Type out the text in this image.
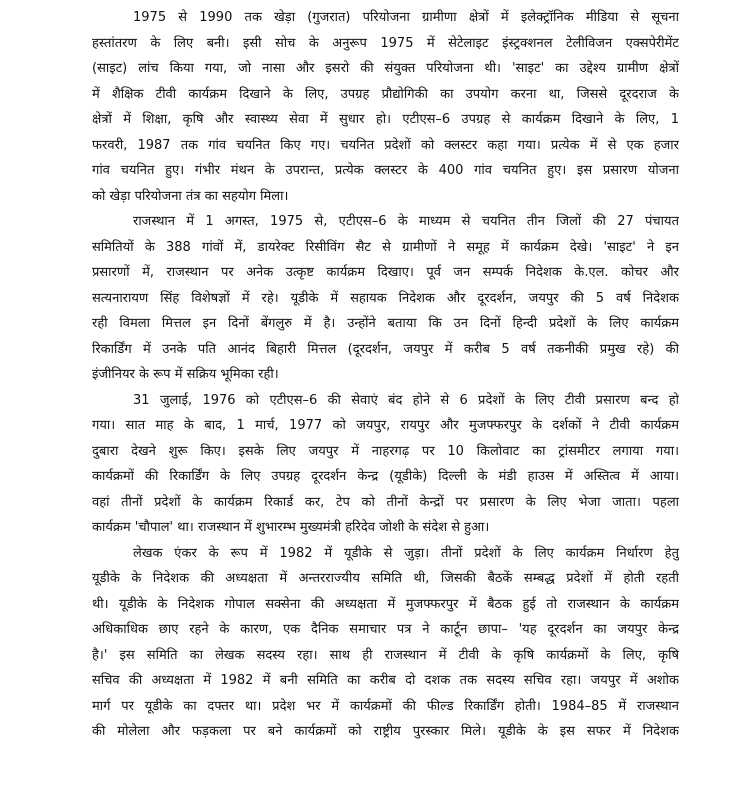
1975 से 1990 तक खेड़ा (गुजरात) परियोजना ग्रामीणा क्षेत्रों में इलेक्ट्रॉनिक मीडिया से सूचना
हस्तांतरण के लिए बनी। इसी सोच के अनुरूप 1975 में सेटेलाइट इंस्ट्रक्शनल टेलीविजन एक्सपेरीमेंट
(साइट) लांच किया गया, जो नासा और इसरो की संयुक्त परियोजना थी। 'साइट' का उद्देश्य ग्रामीण क्षेत्रों
में शैक्षिक टीवी कार्यक्रम दिखाने के लिए, उपग्रह प्रौद्योगिकी का उपयोग करना था, जिससे दूरदराज के
क्षेत्रों में शिक्षा, कृषि और स्वास्थ्य सेवा में सुधार हो। एटीएस–6 उपग्रह से कार्यक्रम दिखाने के लिए, 1
फरवरी, 1987 तक गांव चयनित किए गए। चयनित प्रदेशों को क्लस्टर कहा गया। प्रत्येक में से एक हजार
गांव चयनित हुए। गंभीर मंथन के उपरान्त, प्रत्येक क्लस्टर के 400 गांव चयनित हुए। इस प्रसारण योजना
को खेड़ा परियोजना तंत्र का सहयोग मिला।
राजस्थान में 1 अगस्त, 1975 से, एटीएस–6 के माध्यम से चयनित तीन जिलों की 27 पंचायत
समितियों के 388 गांवों में, डायरेक्ट रिसीविंग सैट से ग्रामीणों ने समूह में कार्यक्रम देखे। 'साइट' ने इन
प्रसारणों में, राजस्थान पर अनेक उत्कृष्ट कार्यक्रम दिखाए। पूर्व जन सम्पर्क निदेशक के.एल. कोचर और
सत्यनारायण सिंह विशेषज्ञों में रहे। यूडीके में सहायक निदेशक और दूरदर्शन, जयपुर की 5 वर्ष निदेशक
रही विमला मित्तल इन दिनों बेंगलुरु में है। उन्होंने बताया कि उन दिनों हिन्दी प्रदेशों के लिए कार्यक्रम
रिकार्डिंग में उनके पति आनंद बिहारी मित्तल (दूरदर्शन, जयपुर में करीब 5 वर्ष तकनीकी प्रमुख रहे) की
इंजीनियर के रूप में सक्रिय भूमिका रही।
31 जुलाई, 1976 को एटीएस–6 की सेवाएं बंद होने से 6 प्रदेशों के लिए टीवी प्रसारण बन्द हो
गया। सात माह के बाद, 1 मार्च, 1977 को जयपुर, रायपुर और मुजफ्फरपुर के दर्शकों ने टीवी कार्यक्रम
दुबारा देखने शुरू किए। इसके लिए जयपुर में नाहरगढ़ पर 10 किलोवाट का ट्रांसमीटर लगाया गया।
कार्यक्रमों की रिकार्डिंग के लिए उपग्रह दूरदर्शन केन्द्र (यूडीके) दिल्ली के मंडी हाउस में अस्तित्व में आया।
वहां तीनों प्रदेशों के कार्यक्रम रिकार्ड कर, टेप को तीनों केन्द्रों पर प्रसारण के लिए भेजा जाता। पहला
कार्यक्रम 'चौपाल' था। राजस्थान में शुभारम्भ मुख्यमंत्री हरिदेव जोशी के संदेश से हुआ।
लेखक एंकर के रूप में 1982 में यूडीके से जुड़ा। तीनों प्रदेशों के लिए कार्यक्रम निर्धारण हेतु
यूडीके के निदेशक की अध्यक्षता में अन्तरराज्यीय समिति थी, जिसकी बैठकें सम्बद्ध प्रदेशों में होती रहती
थी। यूडीके के निदेशक गोपाल सक्सेना की अध्यक्षता में मुजफ्फरपुर में बैठक हुई तो राजस्थान के कार्यक्रम
अधिकाधिक छाए रहने के कारण, एक दैनिक समाचार पत्र ने कार्टून छापा– 'यह दूरदर्शन का जयपुर केन्द्र
है।' इस समिति का लेखक सदस्य रहा। साथ ही राजस्थान में टीवी के कृषि कार्यक्रमों के लिए, कृषि
सचिव की अध्यक्षता में 1982 में बनी समिति का करीब दो दशक तक सदस्य सचिव रहा। जयपुर में अशोक
मार्ग पर यूडीके का दफ्तर था। प्रदेश भर में कार्यक्रमों की फील्ड रिकार्डिंग होती। 1984–85 में राजस्थान
की मोलेला और फड़कला पर बने कार्यक्रमों को राष्ट्रीय पुरस्कार मिले। यूडीके के इस सफर में निदेशक
